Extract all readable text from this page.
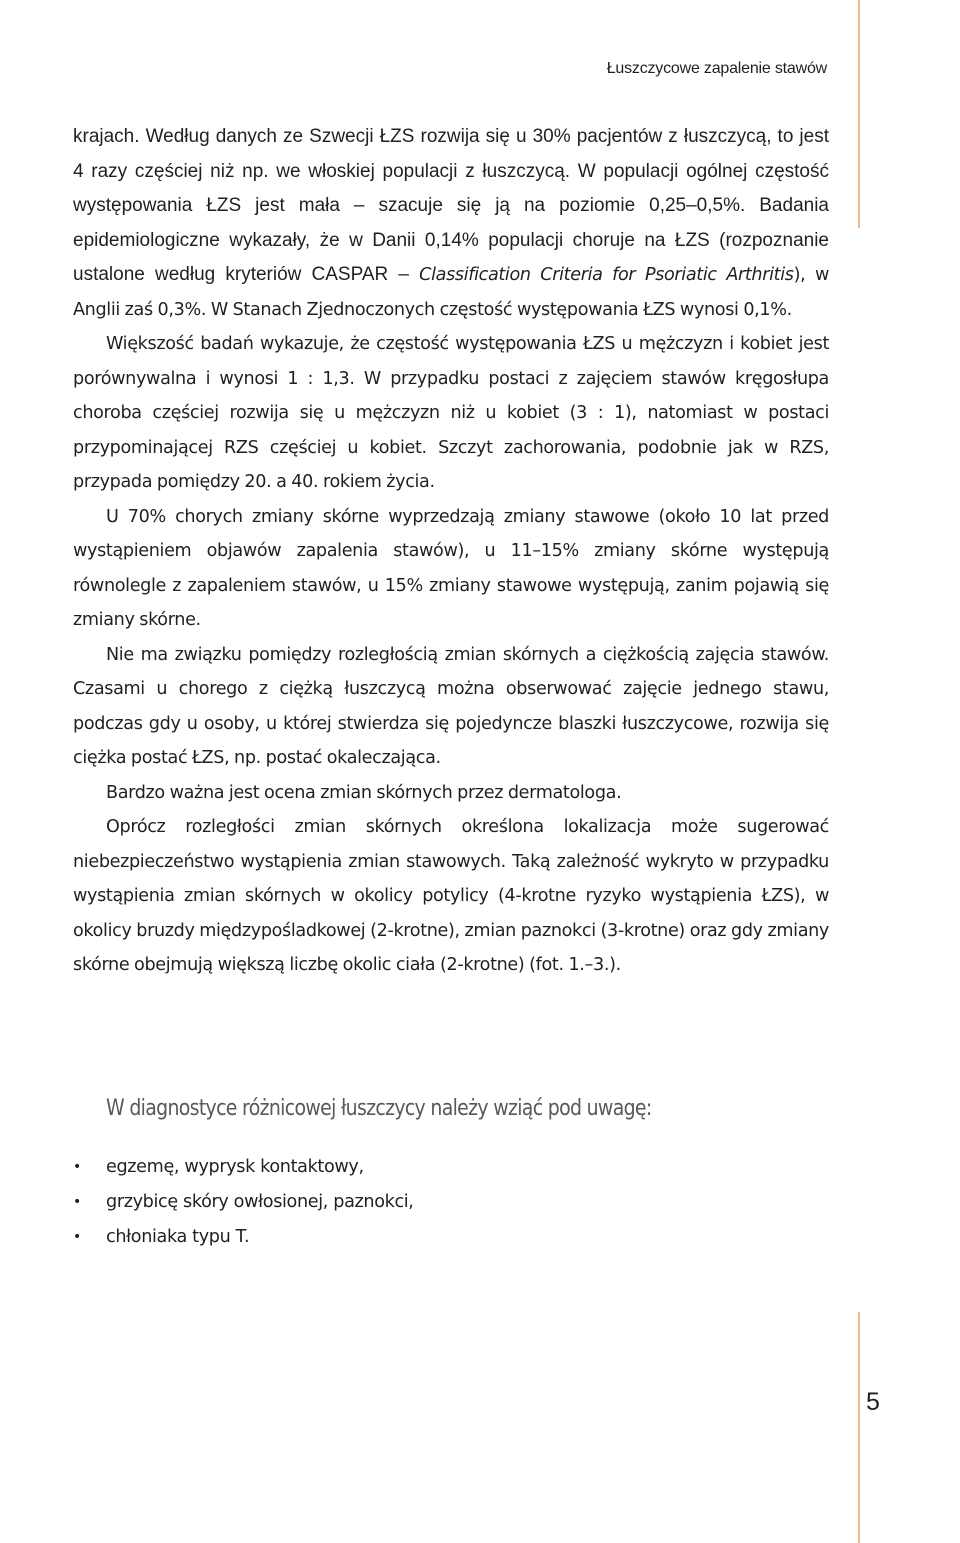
Łuszczycowe zapalenie stawów

krajach. Według danych ze Szwecji ŁZS rozwija się u 30% pacjentów z łuszczycą, to jest 4 razy częściej niż np. we włoskiej populacji z łuszczycą. W populacji ogólnej częstość występowania ŁZS jest mała – szacuje się ją na poziomie 0,25–0,5%. Badania epidemiologiczne wykazały, że w Danii 0,14% populacji choruje na ŁZS (rozpoznanie ustalone według kryteriów CASPAR – Classification Criteria for Psoriatic Arthritis), w Anglii zaś 0,3%. W Stanach Zjednoczonych częstość występowania ŁZS wynosi 0,1%.

Większość badań wykazuje, że częstość występowania ŁZS u mężczyzn i kobiet jest porównywalna i wynosi 1 : 1,3. W przypadku postaci z zajęciem stawów kręgosłupa choroba częściej rozwija się u mężczyzn niż u kobiet (3 : 1), natomiast w postaci przypominającej RZS częściej u kobiet. Szczyt zachorowania, podobnie jak w RZS, przypada pomiędzy 20. a 40. rokiem życia.

U 70% chorych zmiany skórne wyprzedzają zmiany stawowe (około 10 lat przed wystąpieniem objawów zapalenia stawów), u 11–15% zmiany skórne występują równolegle z zapaleniem stawów, u 15% zmiany stawowe występują, zanim pojawią się zmiany skórne.

Nie ma związku pomiędzy rozległością zmian skórnych a ciężkością zajęcia stawów. Czasami u chorego z ciężką łuszczycą można obserwować zajęcie jednego stawu, podczas gdy u osoby, u której stwierdza się pojedyncze blaszki łuszczycowe, rozwija się ciężka postać ŁZS, np. postać okaleczająca.

Bardzo ważna jest ocena zmian skórnych przez dermatologa.

Oprócz rozległości zmian skórnych określona lokalizacja może sugerować niebezpieczeństwo wystąpienia zmian stawowych. Taką zależność wykryto w przypadku wystąpienia zmian skórnych w okolicy potylicy (4-krotne ryzyko wystąpienia ŁZS), w okolicy bruzdy międzypośladkowej (2-krotne), zmian paznokci (3-krotne) oraz gdy zmiany skórne obejmują większą liczbę okolic ciała (2-krotne) (fot. 1.–3.).

W diagnostyce różnicowej łuszczycy należy wziąć pod uwagę:
• egzemę, wyprysk kontaktowy,
• grzybicę skóry owłosionej, paznokci,
• chłoniaka typu T.
5
